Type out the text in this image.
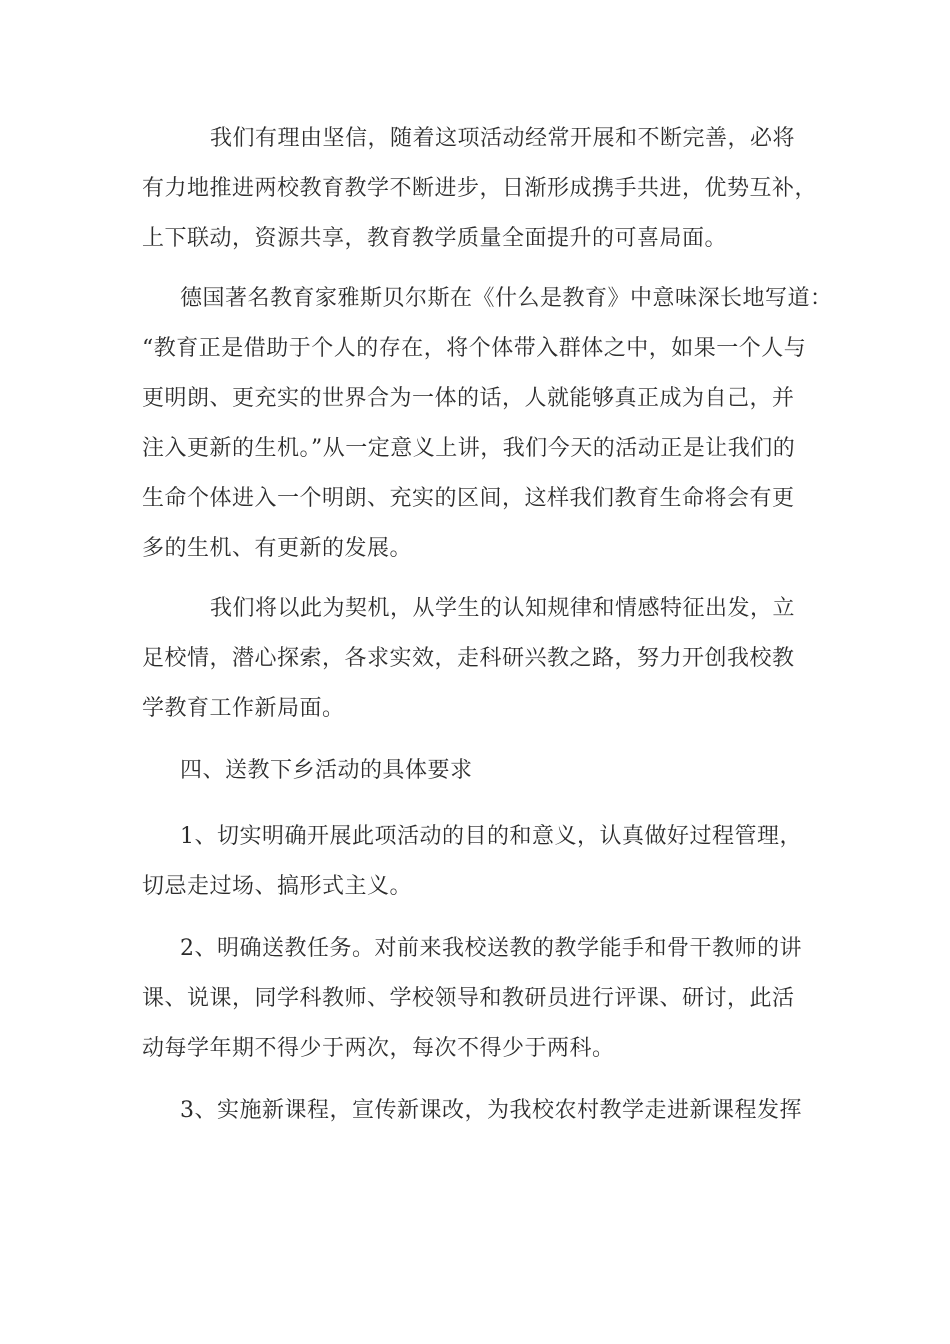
我们有理由坚信，随着这项活动经常开展和不断完善，必将
有力地推进两校教育教学不断进步，日渐形成携手共进，优势互补，
上下联动，资源共享，教育教学质量全面提升的可喜局面。
德国著名教育家雅斯贝尔斯在《什么是教育》中意味深长地写道：
“教育正是借助于个人的存在，将个体带入群体之中，如果一个人与
更明朗、更充实的世界合为一体的话，人就能够真正成为自己，并
注入更新的生机。”从一定意义上讲，我们今天的活动正是让我们的
生命个体进入一个明朗、充实的区间，这样我们教育生命将会有更
多的生机、有更新的发展。
我们将以此为契机，从学生的认知规律和情感特征出发，立
足校情，潜心探索，各求实效，走科研兴教之路，努力开创我校教
学教育工作新局面。
四、送教下乡活动的具体要求
1、切实明确开展此项活动的目的和意义，认真做好过程管理，
切忌走过场、搞形式主义。
2、明确送教任务。对前来我校送教的教学能手和骨干教师的讲
课、说课，同学科教师、学校领导和教研员进行评课、研讨，此活
动每学年期不得少于两次，每次不得少于两科。
3、实施新课程，宣传新课改，为我校农村教学走进新课程发挥
